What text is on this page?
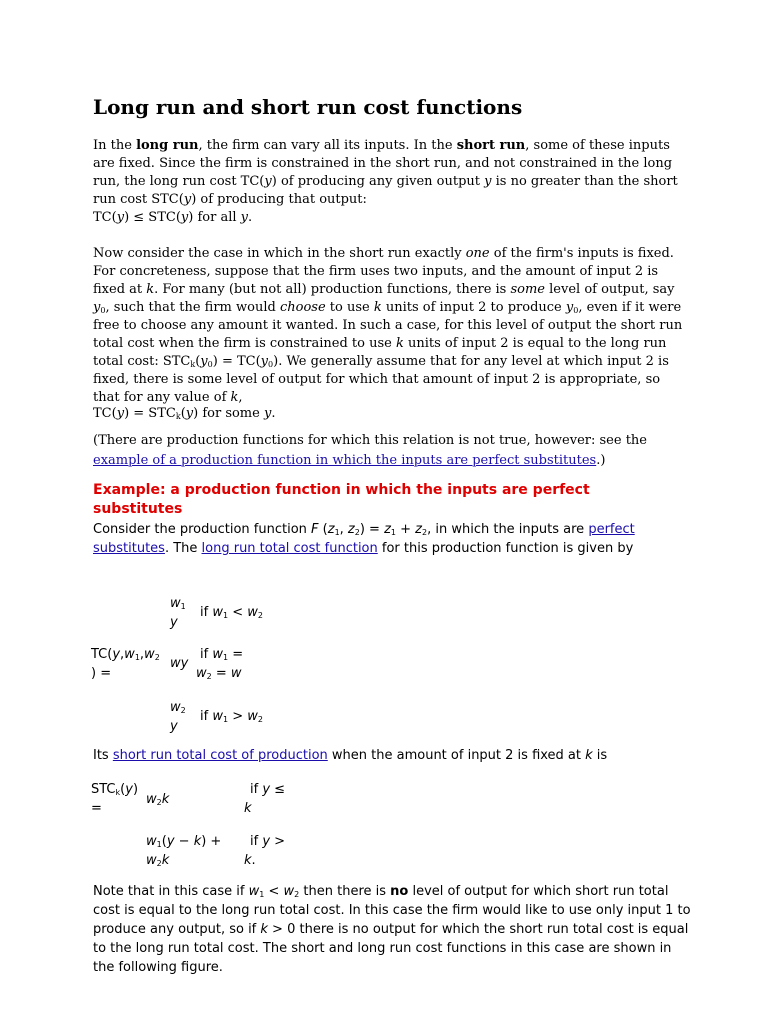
Long run and short run cost functions

In the long run, the firm can vary all its inputs. In the short run, some of these inputs are fixed. Since the firm is constrained in the short run, and not constrained in the long run, the long run cost TC(y) of producing any given output y is no greater than the short run cost STC(y) of producing that output:
TC(y) ≤ STC(y) for all y.

Now consider the case in which in the short run exactly one of the firm's inputs is fixed. For concreteness, suppose that the firm uses two inputs, and the amount of input 2 is fixed at k. For many (but not all) production functions, there is some level of output, say $y_0$, such that the firm would choose to use k units of input 2 to produce $y_0$, even if it were free to choose any amount it wanted. In such a case, for this level of output the short run total cost when the firm is constrained to use k units of input 2 is equal to the long run total cost: $STC_k(y_0) = TC(y_0)$. We generally assume that for any level at which input 2 is fixed, there is some level of output for which that amount of input 2 is appropriate, so that for any value of k,

$TC(y) = STC_k(y)$ for some y.

(There are production functions for which this relation is not true, however: see the example of a production function in which the inputs are perfect substitutes.)

Example: a production function in which the inputs are perfect substitutes

Consider the production function F ($z_1$, $z_2) = z_1 + z_2$, in which the inputs are perfect substitutes. The long run total cost function for this production function is given by

$TC(y,w_1,w_2$
) =
$w_1$
y
if $w_1 < w_2$
wy
if $w_1$ =
$w_2 = w$
$w_2$
y
if $w_1 > w_2$

Its short run total cost of production when the amount of input 2 is fixed at k is

$STC_k(y)$
=
$w_2k$
if y ≤
k
$w_1(y - k)$ +
$w_2k$
if y >
k.

Note that in this case if $w_1 < w_2$ then there is no level of output for which short run total cost is equal to the long run total cost. In this case the firm would like to use only input 1 to produce any output, so if k > 0 there is no output for which the short run total cost is equal to the long run total cost. The short and long run cost functions in this case are shown in the following figure.
